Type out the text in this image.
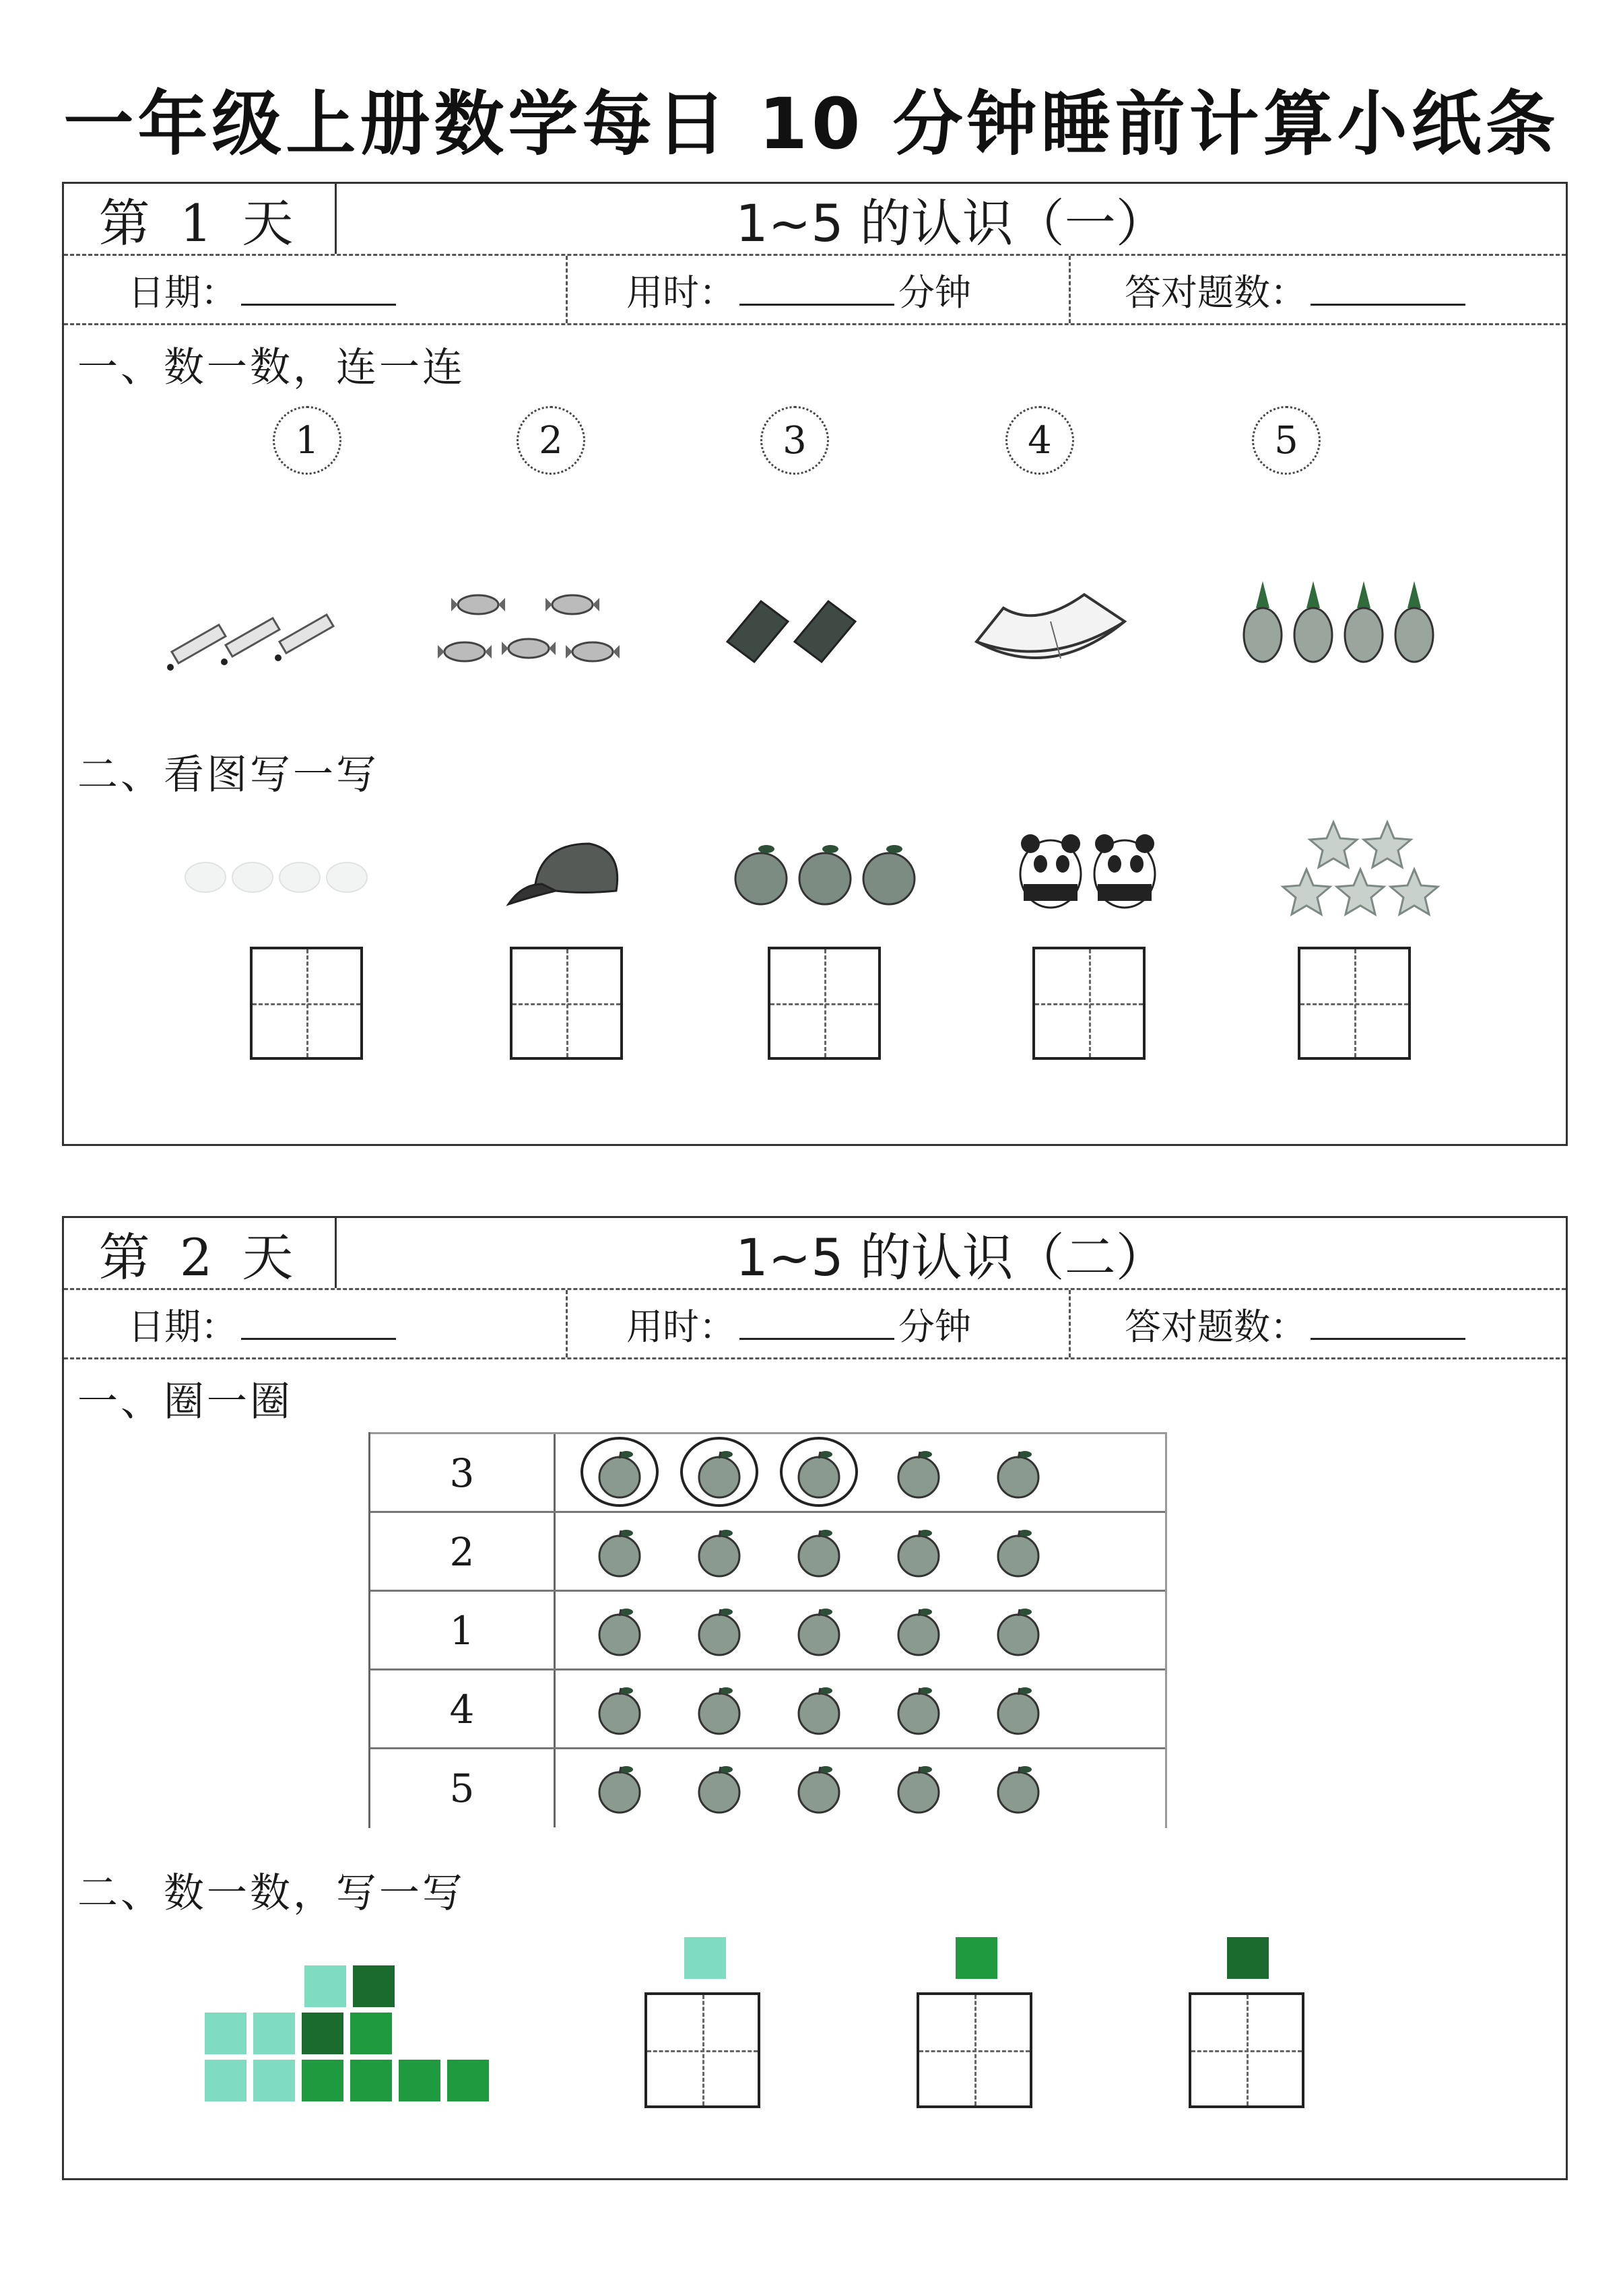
一年级上册数学每日 10 分钟睡前计算小纸条
第 1 天	1~5 的认识（一）
日期：	用时：	分钟	答对题数：
一、数一数，连一连
1	2	3	4	5
二、看图写一写
第 2 天	1~5 的认识（二）
日期：	用时：	分钟	答对题数：
一、圈一圈
3
2
1
4
5
二、数一数，写一写
